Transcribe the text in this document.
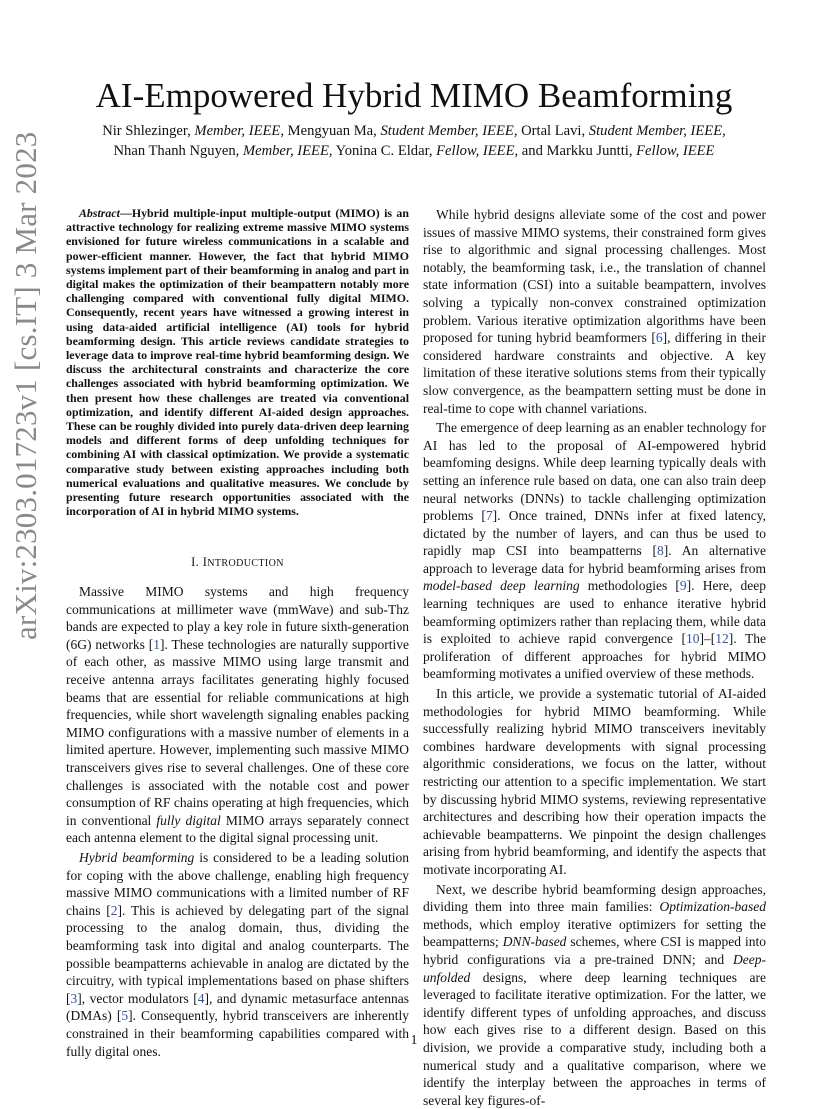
AI-Empowered Hybrid MIMO Beamforming
Nir Shlezinger, Member, IEEE, Mengyuan Ma, Student Member, IEEE, Ortal Lavi, Student Member, IEEE,
Nhan Thanh Nguyen, Member, IEEE, Yonina C. Eldar, Fellow, IEEE, and Markku Juntti, Fellow, IEEE
arXiv:2303.01723v1 [cs.IT] 3 Mar 2023	Abstract—Hybrid multiple-input multiple-output (MIMO) is an attractive technology for realizing extreme massive MIMO systems envisioned for future wireless communications in a scalable and power-efficient manner. However, the fact that hybrid MIMO systems implement part of their beamforming in analog and part in digital makes the optimization of their beampattern notably more challenging compared with conventional fully digital MIMO. Consequently, recent years have witnessed a growing interest in using data-aided artificial intelligence (AI) tools for hybrid beamforming design. This article reviews candidate strategies to leverage data to improve real-time hybrid beamforming design. We discuss the architectural constraints and characterize the core challenges associated with hybrid beamforming optimization. We then present how these challenges are treated via conventional optimization, and identify different AI-aided design approaches. These can be roughly divided into purely data-driven deep learning models and different forms of deep unfolding techniques for combining AI with classical optimization. We provide a systematic comparative study between existing approaches including both numerical evaluations and qualitative measures. We conclude by presenting future research opportunities associated with the incorporation of AI in hybrid MIMO systems.

I. INTRODUCTION

Massive MIMO systems and high frequency communications at millimeter wave (mmWave) and sub-Thz bands are expected to play a key role in future sixth-generation (6G) networks [1]. These technologies are naturally supportive of each other, as massive MIMO using large transmit and receive antenna arrays facilitates generating highly focused beams that are essential for reliable communications at high frequencies, while short wavelength signaling enables packing MIMO configurations with a massive number of elements in a limited aperture. However, implementing such massive MIMO transceivers gives rise to several challenges. One of these core challenges is associated with the notable cost and power consumption of RF chains operating at high frequencies, which in conventional fully digital MIMO arrays separately connect each antenna element to the digital signal processing unit.

Hybrid beamforming is considered to be a leading solution for coping with the above challenge, enabling high frequency massive MIMO communications with a limited number of RF chains [2]. This is achieved by delegating part of the signal processing to the analog domain, thus, dividing the beamforming task into digital and analog counterparts. The possible beampatterns achievable in analog are dictated by the circuitry, with typical implementations based on phase shifters [3], vector modulators [4], and dynamic metasurface antennas (DMAs) [5]. Consequently, hybrid transceivers are inherently constrained in their beamforming capabilities compared with fully digital ones.

While hybrid designs alleviate some of the cost and power issues of massive MIMO systems, their constrained form gives rise to algorithmic and signal processing challenges. Most notably, the beamforming task, i.e., the translation of channel state information (CSI) into a suitable beampattern, involves solving a typically non-convex constrained optimization problem. Various iterative optimization algorithms have been proposed for tuning hybrid beamformers [6], differing in their considered hardware constraints and objective. A key limitation of these iterative solutions stems from their typically slow convergence, as the beampattern setting must be done in real-time to cope with channel variations.

The emergence of deep learning as an enabler technology for AI has led to the proposal of AI-empowered hybrid beamfoming designs. While deep learning typically deals with setting an inference rule based on data, one can also train deep neural networks (DNNs) to tackle challenging optimization problems [7]. Once trained, DNNs infer at fixed latency, dictated by the number of layers, and can thus be used to rapidly map CSI into beampatterns [8]. An alternative approach to leverage data for hybrid beamforming arises from model-based deep learning methodologies [9]. Here, deep learning techniques are used to enhance iterative hybrid beamforming optimizers rather than replacing them, while data is exploited to achieve rapid convergence [10]–[12]. The proliferation of different approaches for hybrid MIMO beamforming motivates a unified overview of these methods.

In this article, we provide a systematic tutorial of AI-aided methodologies for hybrid MIMO beamforming. While successfully realizing hybrid MIMO transceivers inevitably combines hardware developments with signal processing algorithmic considerations, we focus on the latter, without restricting our attention to a specific implementation. We start by discussing hybrid MIMO systems, reviewing representative architectures and describing how their operation impacts the achievable beampatterns. We pinpoint the design challenges arising from hybrid beamforming, and identify the aspects that motivate incorporating AI.

Next, we describe hybrid beamforming design approaches, dividing them into three main families: Optimization-based methods, which employ iterative optimizers for setting the beampatterns; DNN-based schemes, where CSI is mapped into hybrid configurations via a pre-trained DNN; and Deep-unfolded designs, where deep learning techniques are leveraged to facilitate iterative optimization. For the latter, we identify different types of unfolding approaches, and discuss how each gives rise to a different design. Based on this division, we provide a comparative study, including both a numerical study and a qualitative comparison, where we identify the interplay between the approaches in terms of several key figures-of-

1
